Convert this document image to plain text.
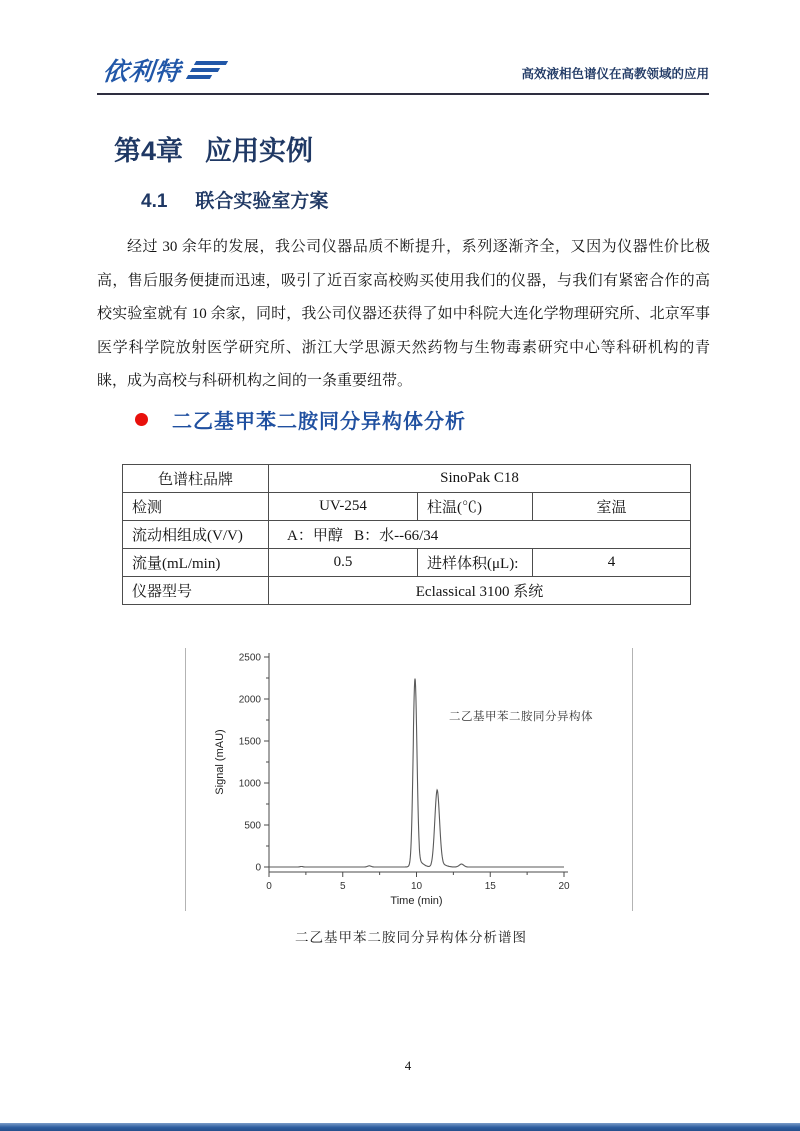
依利特	高效液相色谱仪在高教领域的应用
第4章 应用实例
4.1 联合实验室方案
经过 30 余年的发展，我公司仪器品质不断提升，系列逐渐齐全，又因为仪器性价比极高，售后服务便捷而迅速，吸引了近百家高校购买使用我们的仪器，与我们有紧密合作的高校实验室就有 10 余家，同时，我公司仪器还获得了如中科院大连化学物理研究所、北京军事医学科学院放射医学研究所、浙江大学思源天然药物与生物毒素研究中心等科研机构的青睐，成为高校与科研机构之间的一条重要纽带。
二乙基甲苯二胺同分异构体分析
色谱柱品牌	SinoPak C18		
检测	UV-254	柱温(℃)	室温
流动相组成(V/V)	A：甲醇   B：水--66/34		
流量(mL/min)	0.5	进样体积(μL):	4
仪器型号	Eclassical 3100 系统		
0
500
1000
1500
2000
2500
0	5	10	15	20
Time (min)
Signal (mAU)
二乙基甲苯二胺同分异构体
二乙基甲苯二胺同分异构体分析谱图
4
